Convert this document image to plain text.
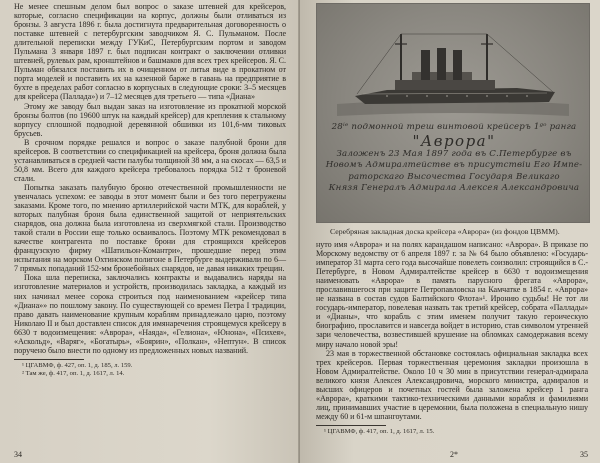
Не менее спешным делом был вопрос о заказе штевней для крейсеров, которые, согласно спецификации на корпус, должны были отливаться из бронзы. 3 августа 1896 г. была достигнута предварительная договоренность о поставке штевней с петербургским заводчиком Я. С. Пульманом. После длительной переписки между ГУКиС, Петербургским портом и заводом Пульмана 3 января 1897 г. был подписан контракт о заключении отливки штевней, рулевых рам, кронштейнов и башмаков для всех трех крейсеров. Я. С. Пульман обязался поставить их в очищенном от литья виде в прокатном от порта моделей и поставить их на казенной барже в гавань на предприятие в бухте в пределах работ согласно в корпусных в следующие сроки: 3–5 месяцев для крейсера (Паллада») и 7–12 месяцев для третьего — типа «Диана»

Этому же заводу был выдан заказ на изготовление из прокатной морской бронзы болтов (по 19600 штук на каждый крейсер) для крепления к стальному корпусу сплошной подводной деревянной обшивки из 101,6-мм тиковых брусьев.

В срочном порядке решался и вопрос о заказе палубной брони для крейсеров. В соответствии со спецификацией на крейсера, броня должна была устанавливаться в средней части палубы толщиной 38 мм, а на скосах — 63,5 и 50,8 мм. Всего для каждого крейсера требовалось порядка 512 т броневой стали.

Попытка заказать палубную броню отечественной промышленности не увенчалась успехом: ее заводы в этот момент были и без того перегружены заказами. Кроме того, по мнению артиллерийской части МТК, для кораблей, у которых палубная броня была единственной защитой от неприятельских снарядов, она должна была изготовлена из сверхмягкой стали. Производство такой стали в России еще только осваивалось. Поэтому МТК рекомендовал в качестве контрагента по поставке брони для строящихся крейсеров французскую фирму «Шатильон-Комантри», прошедшие перед этим испытания на морском Охтинском полигоне в Петербурге выдерживали по 6—7 прямых попаданий 152-мм бронебойных снарядов, не давая никаких трещин.

Пока шла переписка, заключались контракты и выдавались наряды на изготовление материалов и устройств, производилась закладка, а каждый из них начинал менее сорока строиться под наименованием «крейсер типа «Диана»» по пошлому закону. По существующей со времен Петра I традиции, право давать наименование крупным кораблям принадлежало царю, поэтому Николаю II и был доставлен список для имянаречения строящемуся крейсеру в 6630 т водоизмещения: «Аврора», «Наяда», «Гелиона», «Юнона», «Психея», «Аскольд», «Варяг», «Богатырь», «Боярин», «Полкан», «Нептун». В список поручено было внести по одному из предложенных новых названий.

¹ ЦГАВМФ, ф. 427, оп. 1, д. 185, л. 159.
² Там же, ф. 417, оп. 1, д. 1617, л. 14.
34
28ⁱᵉ подмонной треш винтовой крейсеръ 1ᵍᵒ ранга
"Аврора"
Заложенъ 23 Мая 1897 года въ С.Петербурге въ
Новомъ Адмиралтействе въ присутствiи Его Импе-
раторскаго Высочества Государя Великаго
Князя Генералъ Адмирала Алексея Александровича
Серебряная закладная доска крейсера «Аврора» (из фондов ЦВММ).

нуто имя «Аврора» и на полях карандашом написано: «Аврора». В приказе по Морскому ведомству от 6 апреля 1897 г. за № 64 было объявлено: «Государь-император 31 марта сего года высочайше повелеть соизволил: строящийся в С.-Петербурге, в Новом Адмиралтействе крейсер в 6630 т водоизмещения наименовать «Аврора» в память парусного фрегата «Аврора», прославившегося при защите Петропавловска на Камчатке в 1854 г. «Аврора» не названа в состав судов Балтийского Флота»¹. Иронию судьбы! Не тот ли государь-император, повелевая назвать так третий крейсер, собрата «Паллады» и «Дианы», что корабль с этим именем получит такую героическую биографию, прославится и навсегда войдет в историю, став символом утренней зари человечества, возвестившей крушение на обломках самодержавия всему миру начало новой эры!

23 мая в торжественной обстановке состоялась официальная закладка всех трех крейсеров. Первая торжественная церемония закладки произошла в Новом Адмиралтействе. Около 10 ч 30 мин в присутствии генерал-адмирала великого князя Алексея Александровича, морского министра, адмиралов и высших офицеров и почетных гостей была заложена крейсер 1 ранга «Аврора», краткими тактико-техническими данными корабля и фамилиями лиц, принимавших участие в церемонии, была положена в специальную нишу между 60 и 61-м шпангоутами.

¹ ЦГАВМФ, ф. 417, оп. 1, д. 1617, л. 15.
2*	35
